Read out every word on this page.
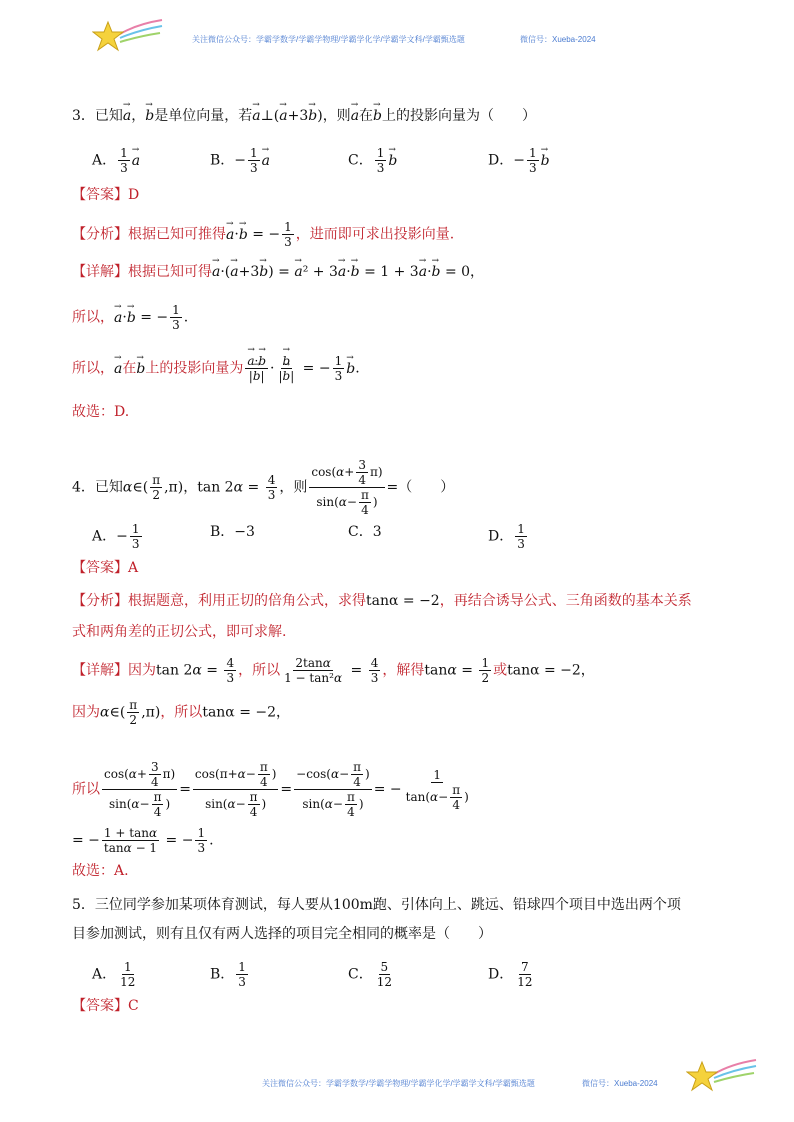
关注微信公众号：学霸学数学/学霸学物理/学霸学化学/学霸学文科/学霸甄选题	微信号：Xueba-2024
3．已知→ a，→ b是单位向量，若→ a⊥(→ a+3→ b)，则→ a在→ b上的投影向量为（　　）
A． $\frac{1}{3}$
→ a	B．− $\frac{1}{3}$
→ a	C． $\frac{1}{3}$
→ b	D．− $\frac{1}{3}$
→ b
【答案】D
【分析】根据已知可推得→ a·→ b = − $\frac{1}{3}$ ，进而即可求出投影向量.
【详解】根据已知可得→ a·(→ a+3→ b) = → a² + 3→ a·→ b = 1 + 3→ a·→ b = 0，
所以，→ a·→ b = − $\frac{1}{3}$ .
所以，→ a在→ b上的投影向量为
→ $\frac{a\cdot\to b}{|\to b|}$ ·
→ $\frac{b}{|\to b|}$ = − $\frac{1}{3}$
→ b.
故选：D.
4．已知α∈( $\frac{\pi}{2} ,\pi$)，$\tan 2\alpha = \frac{4}{3}$ ，则 $\frac{\cos(\alpha+ \frac{3}{4} \pi)}{\sin(\alpha- \frac{\pi}{4} )}$ =（　　）
A．− $\frac{1}{3}$	B．−3	C．3	D． $\frac{1}{3}$
【答案】A
【分析】根据题意，利用正切的倍角公式，求得tanα = −2，再结合诱导公式、三角函数的基本关系
式和两角差的正切公式，即可求解.
【详解】因为$\tan 2\alpha = \frac{4}{3}$ ，所以 $\frac{2\tan\alpha}{\text{1 − tan²α}} = \frac{4}{3}$ ，解得$\tan\alpha = \frac{1}{2}$ 或tanα = −2，
因为α∈( $\frac{\pi}{2} ,\pi$)，所以tanα = −2，
所以 $\frac{\cos(\alpha+ \frac{3}{4} \pi)}{\sin(\alpha- \frac{\pi}{4} )} = \frac{\cos(\pi+\alpha- \frac{\pi}{4} )}{\sin(\alpha- \frac{\pi}{4} )} = \frac{-\cos(\alpha- \frac{\pi}{4} )}{\sin(\alpha- \frac{\pi}{4} )}$ = − $\frac{1}{\tan(\alpha- \frac{\pi}{4} )}$
= − $\frac{1 + \tan\alpha}{\tan\alpha - 1}$ = − $\frac{1}{3}$ .
故选：A.
5．三位同学参加某项体育测试，每人要从100m跑、引体向上、跳远、铅球四个项目中选出两个项
目参加测试，则有且仅有两人选择的项目完全相同的概率是（　　）
A． $\frac{1}{12}$	B． $\frac{1}{3}$	C． $\frac{5}{12}$	D． $\frac{7}{12}$
【答案】C
关注微信公众号：学霸学数学/学霸学物理/学霸学化学/学霸学文科/学霸甄选题	微信号：Xueba-2024
